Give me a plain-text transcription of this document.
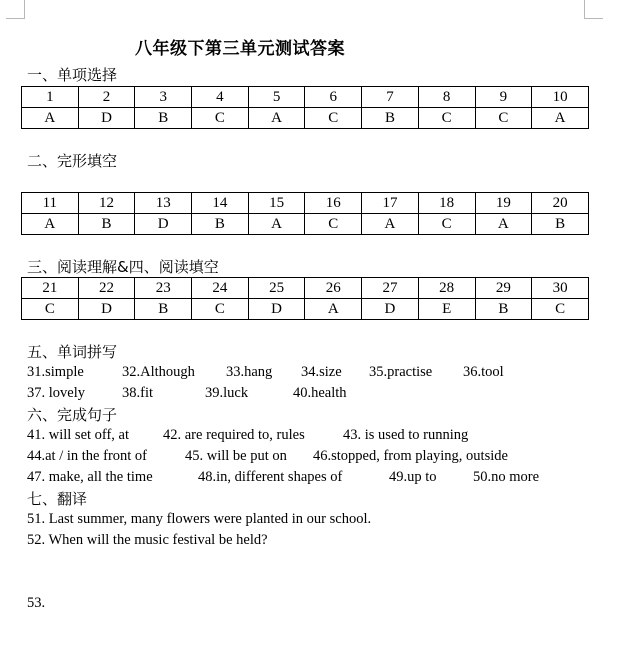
八年级下第三单元测试答案
一、单项选择
1	2	3	4	5	6	7	8	9	10
A	D	B	C	A	C	B	C	C	A
二、完形填空
11	12	13	14	15	16	17	18	19	20
A	B	D	B	A	C	A	C	A	B
三、阅读理解&四、阅读填空
21	22	23	24	25	26	27	28	29	30
C	D	B	C	D	A	D	E	B	C
五、单词拼写
31.simple	32.Although 33.hang 34.size 35.practise 36.tool
37. lovely	38.fit	39.luck	40.health
六、完成句子
41. will set off, at 42. are required to, rules	43. is used to running
44.at / in the front of	45. will be put on 46.stopped, from playing, outside
47. make, all the time	48.in, different shapes of	49.up to	50.no more
七、翻译
51. Last summer, many flowers were planted in our school.
52. When will the music festival be held?
53.
